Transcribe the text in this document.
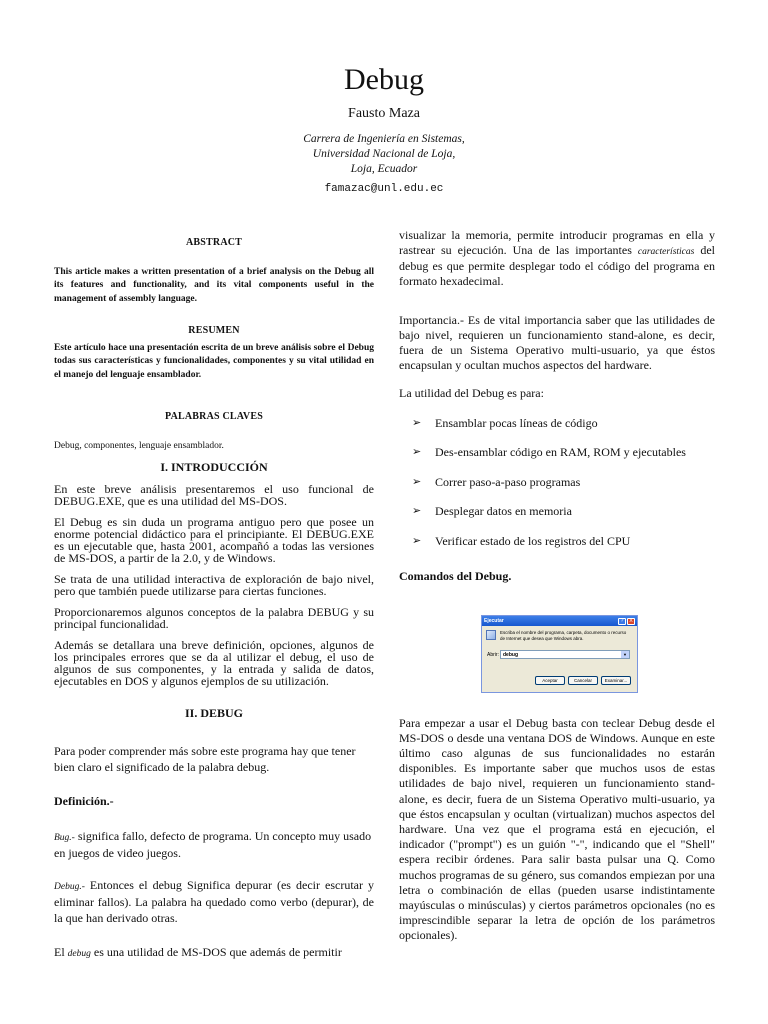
Debug
Fausto Maza
Carrera de Ingeniería en Sistemas,
Universidad Nacional de Loja,
Loja, Ecuador
famazac@unl.edu.ec
ABSTRACT

This article makes a written presentation of a brief analysis on the Debug all its features and functionality, and its vital components useful in the management of assembly language.

RESUMEN

Este artículo hace una presentación escrita de un breve análisis sobre el Debug todas sus características y funcionalidades, componentes y su vital utilidad en el manejo del lenguaje ensamblador.

PALABRAS CLAVES

Debug, componentes, lenguaje ensamblador.

I. INTRODUCCIÓN

En este breve análisis presentaremos el uso funcional de DEBUG.EXE, que es una utilidad del MS-DOS.

El Debug es sin duda un programa antiguo pero que posee un enorme potencial didáctico para el principiante. El DEBUG.EXE es un ejecutable que, hasta 2001, acompañó a todas las versiones de MS-DOS, a partir de la 2.0, y de Windows.

Se trata de una utilidad interactiva de exploración de bajo nivel, pero que también puede utilizarse para ciertas funciones.

Proporcionaremos algunos conceptos de la palabra DEBUG y su principal funcionalidad.

Además se detallara una breve definición, opciones, algunos de los principales errores que se da al utilizar el debug, el uso de algunos de sus componentes, y la entrada y salida de datos, ejecutables en DOS y algunos ejemplos de su utilización.

II. DEBUG

Para poder comprender más sobre este programa hay que tener bien claro el significado de la palabra debug.

Definición.-

Bug.- significa fallo, defecto de programa. Un concepto muy usado en juegos de video juegos.

Debug.- Entonces el debug Significa depurar (es decir escrutar y eliminar fallos). La palabra ha quedado como verbo (depurar), de la que han derivado otras.

El debug es una utilidad de MS-DOS que además de permitir

visualizar la memoria, permite introducir programas en ella y rastrear su ejecución. Una de las importantes características del debug es que permite desplegar todo el código del programa en formato hexadecimal.

Importancia.- Es de vital importancia saber que las utilidades de bajo nivel, requieren un funcionamiento stand-alone, es decir, fuera de un Sistema Operativo multi-usuario, ya que éstos encapsulan y ocultan muchos aspectos del hardware.

La utilidad del Debug es para:

➢ Ensamblar pocas líneas de código
➢ Des-ensamblar código en RAM, ROM y ejecutables
➢ Correr paso-a-paso programas
➢ Desplegar datos en memoria
➢ Verificar estado de los registros del CPU
Comandos del Debug.

Para empezar a usar el Debug basta con teclear Debug desde el MS-DOS o desde una ventana DOS de Windows. Aunque en este último caso algunas de sus funcionalidades no estarán disponibles. Es importante saber que muchos usos de estas utilidades de bajo nivel, requieren un funcionamiento stand-alone, es decir, fuera de un Sistema Operativo multi-usuario, ya que éstos encapsulan y ocultan (virtualizan) muchos aspectos del hardware. Una vez que el programa está en ejecución, el indicador ("prompt") es un guión "-", indicando que el "Shell" espera recibir órdenes. Para salir basta pulsar una Q. Como muchos programas de su género, sus comandos empiezan por una letra o combinación de ellas (pueden usarse indistintamente mayúsculas o minúsculas) y ciertos parámetros opcionales (no es imprescindible separar la letra de opción de los parámetros opcionales).

Ejecutar	?	X
Escriba el nombre del programa, carpeta, documento o recurso de Internet que desea que Windows abra.
Abrir: debug	▼
Aceptar	Cancelar	Examinar...
